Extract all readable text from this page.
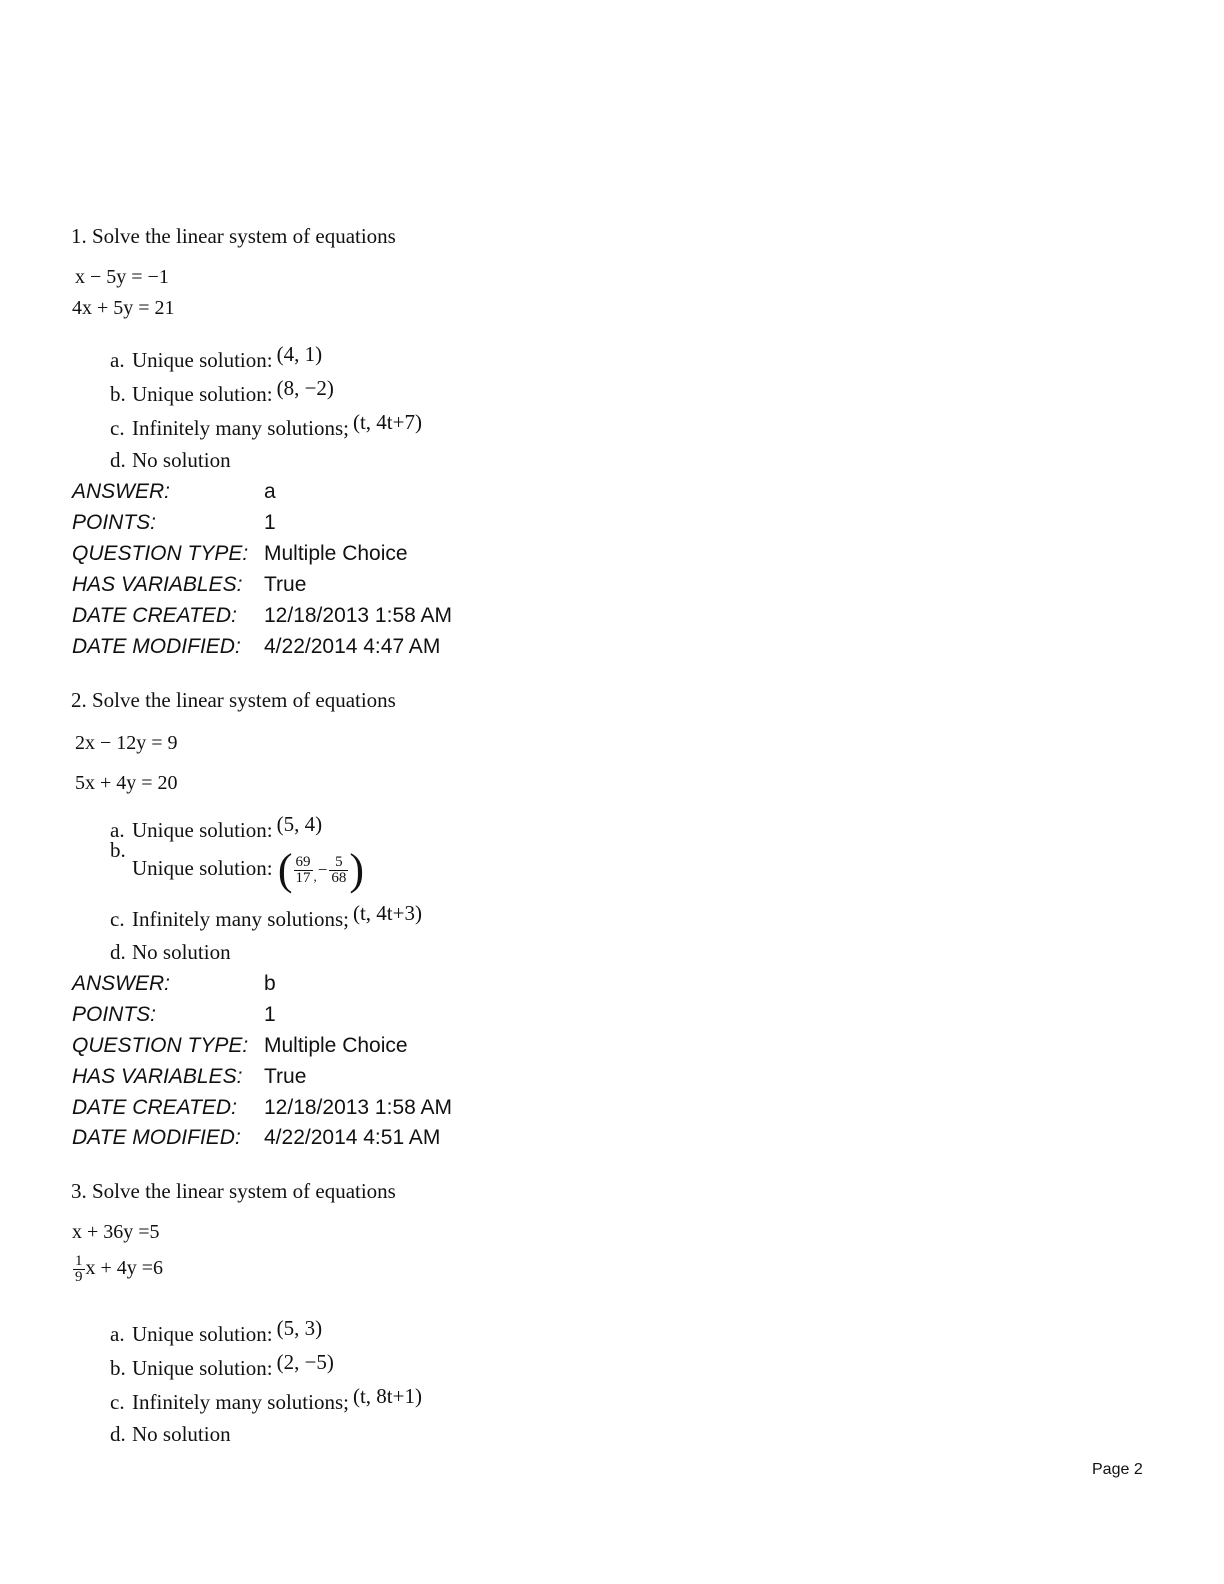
1. Solve the linear system of equations
x − 5y = −1
4x + 5y = 21
a. Unique solution: (4, 1)
b. Unique solution: (8, −2)
c. Infinitely many solutions; (t, 4t+7)
d. No solution
ANSWER:	a
POINTS:	1
QUESTION TYPE: Multiple Choice
HAS VARIABLES: True
DATE CREATED: 12/18/2013 1:58 AM
DATE MODIFIED: 4/22/2014 4:47 AM
2. Solve the linear system of equations
2x − 12y = 9
5x + 4y = 20
a. Unique solution: (5, 4)
b.
Unique solution: ( $\frac{69}{17} _,- \frac{5}{68}$ )
c. Infinitely many solutions; (t, 4t+3)
d. No solution
ANSWER:	b
POINTS:	1
QUESTION TYPE: Multiple Choice
HAS VARIABLES: True
DATE CREATED: 12/18/2013 1:58 AM
DATE MODIFIED: 4/22/2014 4:51 AM
3. Solve the linear system of equations
x + 36y =5
$\frac{1}{9}$ x + 4y =6
a. Unique solution: (5, 3)
b. Unique solution: (2, −5)
c. Infinitely many solutions; (t, 8t+1)
d. No solution
Page 2
